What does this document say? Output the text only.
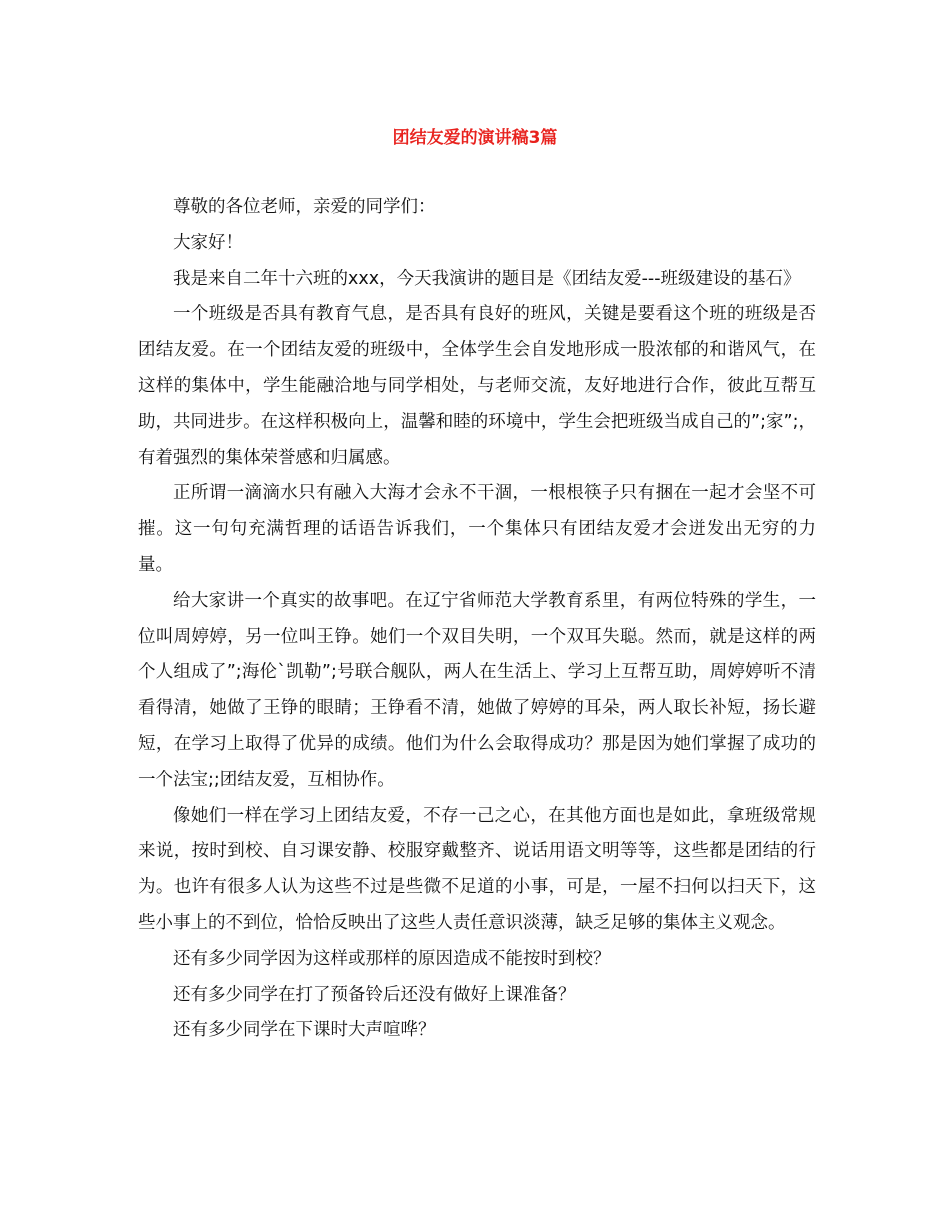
团结友爱的演讲稿3篇

尊敬的各位老师，亲爱的同学们：

大家好！

我是来自二年十六班的xxx，今天我演讲的题目是《团结友爱---班级建设的基石》

一个班级是否具有教育气息，是否具有良好的班风，关键是要看这个班的班级是否团结友爱。在一个团结友爱的班级中，全体学生会自发地形成一股浓郁的和谐风气，在这样的集体中，学生能融洽地与同学相处，与老师交流，友好地进行合作，彼此互帮互助，共同进步。在这样积极向上，温馨和睦的环境中，学生会把班级当成自己的”;家”;，有着强烈的集体荣誉感和归属感。

正所谓一滴滴水只有融入大海才会永不干涸，一根根筷子只有捆在一起才会坚不可摧。这一句句充满哲理的话语告诉我们，一个集体只有团结友爱才会迸发出无穷的力量。

给大家讲一个真实的故事吧。在辽宁省师范大学教育系里，有两位特殊的学生，一位叫周婷婷，另一位叫王铮。她们一个双目失明，一个双耳失聪。然而，就是这样的两个人组成了”;海伦`凯勒”;号联合舰队，两人在生活上、学习上互帮互助，周婷婷听不清看得清，她做了王铮的眼睛；王铮看不清，她做了婷婷的耳朵，两人取长补短，扬长避短，在学习上取得了优异的成绩。他们为什么会取得成功？那是因为她们掌握了成功的一个法宝;;团结友爱，互相协作。

像她们一样在学习上团结友爱，不存一己之心，在其他方面也是如此，拿班级常规来说，按时到校、自习课安静、校服穿戴整齐、说话用语文明等等，这些都是团结的行为。也许有很多人认为这些不过是些微不足道的小事，可是，一屋不扫何以扫天下，这些小事上的不到位，恰恰反映出了这些人责任意识淡薄，缺乏足够的集体主义观念。

还有多少同学因为这样或那样的原因造成不能按时到校？

还有多少同学在打了预备铃后还没有做好上课准备？

还有多少同学在下课时大声喧哗？
